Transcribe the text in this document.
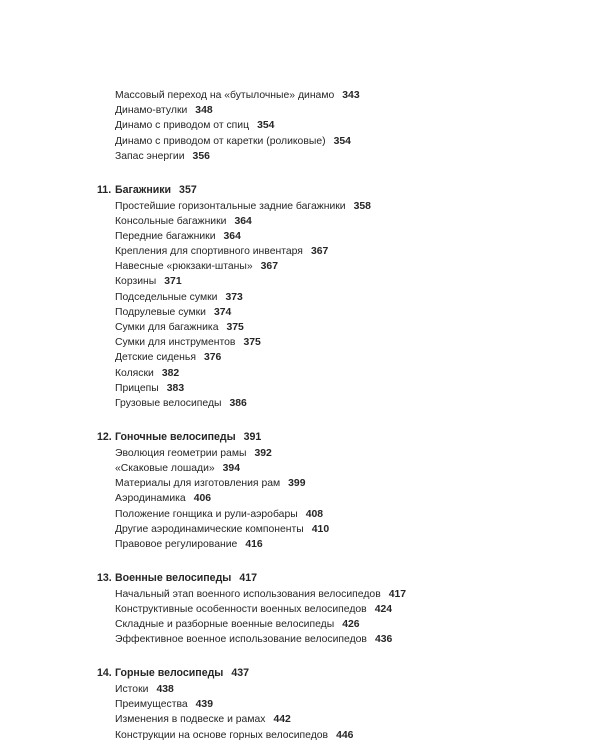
Массовый переход на «бутылочные» динамо 343
Динамо-втулки 348
Динамо с приводом от спиц 354
Динамо с приводом от каретки (роликовые) 354
Запас энергии 356
11. Багажники 357
Простейшие горизонтальные задние багажники 358
Консольные багажники 364
Передние багажники 364
Крепления для спортивного инвентаря 367
Навесные «рюкзаки-штаны» 367
Корзины 371
Подседельные сумки 373
Подрулевые сумки 374
Сумки для багажника 375
Сумки для инструментов 375
Детские сиденья 376
Коляски 382
Прицепы 383
Грузовые велосипеды 386
12. Гоночные велосипеды 391
Эволюция геометрии рамы 392
«Скаковые лошади» 394
Материалы для изготовления рам 399
Аэродинамика 406
Положение гонщика и рули-аэробары 408
Другие аэродинамические компоненты 410
Правовое регулирование 416
13. Военные велосипеды 417
Начальный этап военного использования велосипедов 417
Конструктивные особенности военных велосипедов 424
Складные и разборные военные велосипеды 426
Эффективное военное использование велосипедов 436
14. Горные велосипеды 437
Истоки 438
Преимущества 439
Изменения в подвеске и рамах 442
Конструкции на основе горных велосипедов 446
